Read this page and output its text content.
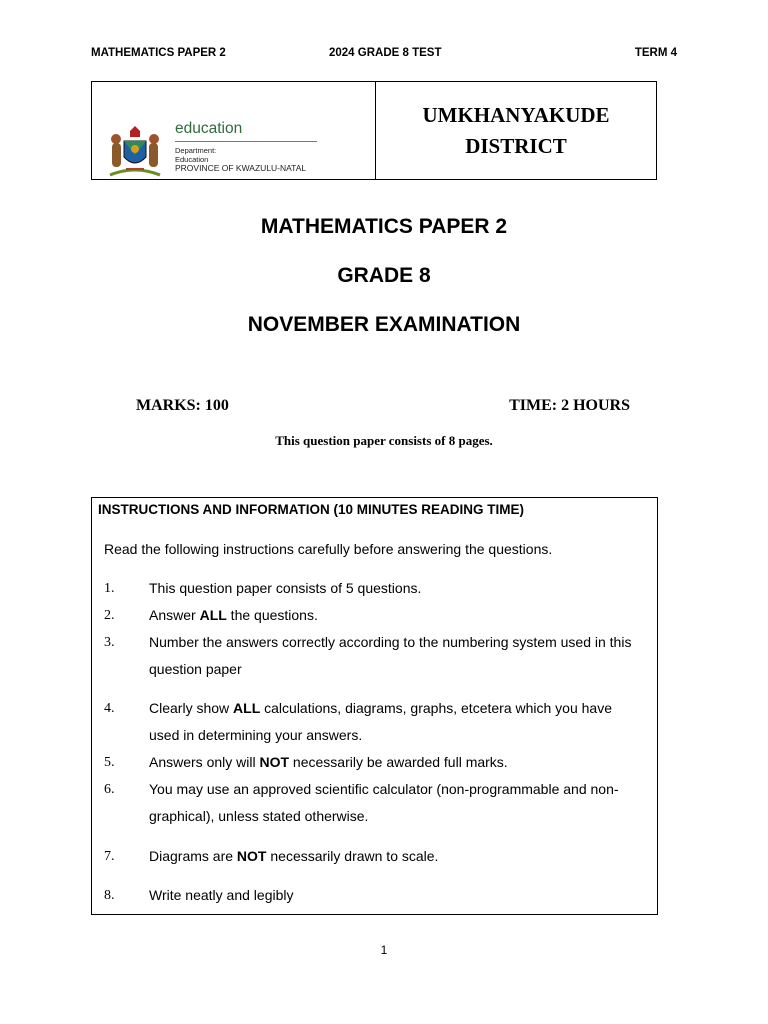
MATHEMATICS PAPER 2	2024 GRADE 8 TEST	TERM 4
education
Department:
Education
PROVINCE OF KWAZULU-NATAL
UMKHANYAKUDE
DISTRICT
MATHEMATICS PAPER 2
GRADE 8
NOVEMBER EXAMINATION
MARKS: 100	TIME: 2 HOURS
This question paper consists of 8 pages.
INSTRUCTIONS AND INFORMATION (10 MINUTES READING TIME)
Read the following instructions carefully before answering the questions.
1. This question paper consists of 5 questions.
2. Answer ALL the questions.
3. Number the answers correctly according to the numbering system used in this question paper
4. Clearly show ALL calculations, diagrams, graphs, etcetera which you have used in determining your answers.
5. Answers only will NOT necessarily be awarded full marks.
6. You may use an approved scientific calculator (non-programmable and non-graphical), unless stated otherwise.
7. Diagrams are NOT necessarily drawn to scale.
8. Write neatly and legibly
1
